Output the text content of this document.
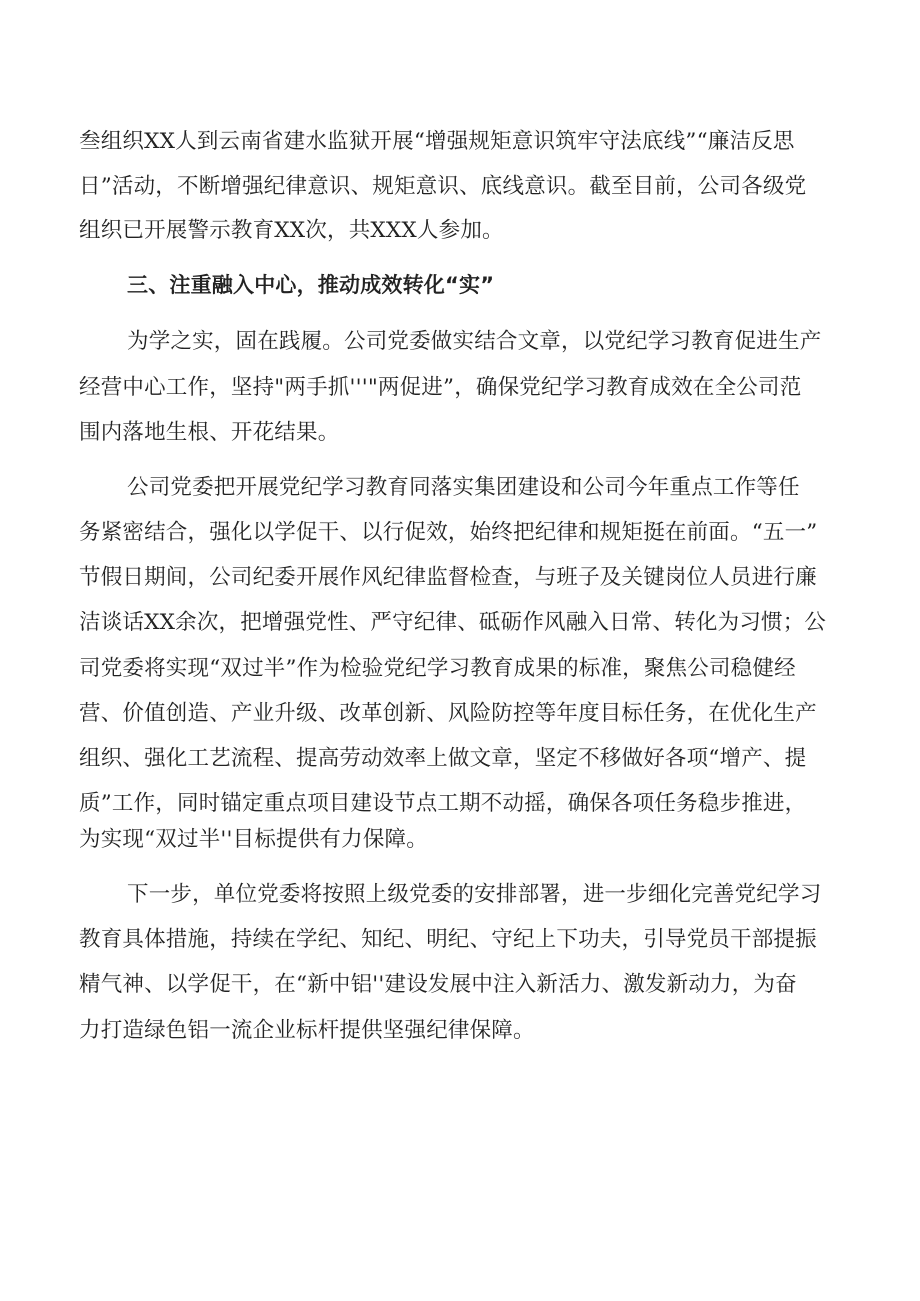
叁组织XX人到云南省建水监狱开展“增强规矩意识筑牢守法底线”“廉洁反思
日”活动，不断增强纪律意识、规矩意识、底线意识。截至目前，公司各级党
组织已开展警示教育XX次，共XXX人参加。
三、注重融入中心，推动成效转化“实”
为学之实，固在践履。公司党委做实结合文章，以党纪学习教育促进生产
经营中心工作，坚持"两手抓'''"两促进”，确保党纪学习教育成效在全公司范
围内落地生根、开花结果。
公司党委把开展党纪学习教育同落实集团建设和公司今年重点工作等任
务紧密结合，强化以学促干、以行促效，始终把纪律和规矩挺在前面。“五一”
节假日期间，公司纪委开展作风纪律监督检查，与班子及关键岗位人员进行廉
洁谈话XX余次，把增强党性、严守纪律、砥砺作风融入日常、转化为习惯；公
司党委将实现“双过半”作为检验党纪学习教育成果的标准，聚焦公司稳健经
营、价值创造、产业升级、改革创新、风险防控等年度目标任务，在优化生产
组织、强化工艺流程、提高劳动效率上做文章，坚定不移做好各项“增产、提
质”工作，同时锚定重点项目建设节点工期不动摇，确保各项任务稳步推进，
为实现“双过半''目标提供有力保障。
下一步，单位党委将按照上级党委的安排部署，进一步细化完善党纪学习
教育具体措施，持续在学纪、知纪、明纪、守纪上下功夫，引导党员干部提振
精气神、以学促干，在“新中铝''建设发展中注入新活力、激发新动力，为奋
力打造绿色铝一流企业标杆提供坚强纪律保障。
